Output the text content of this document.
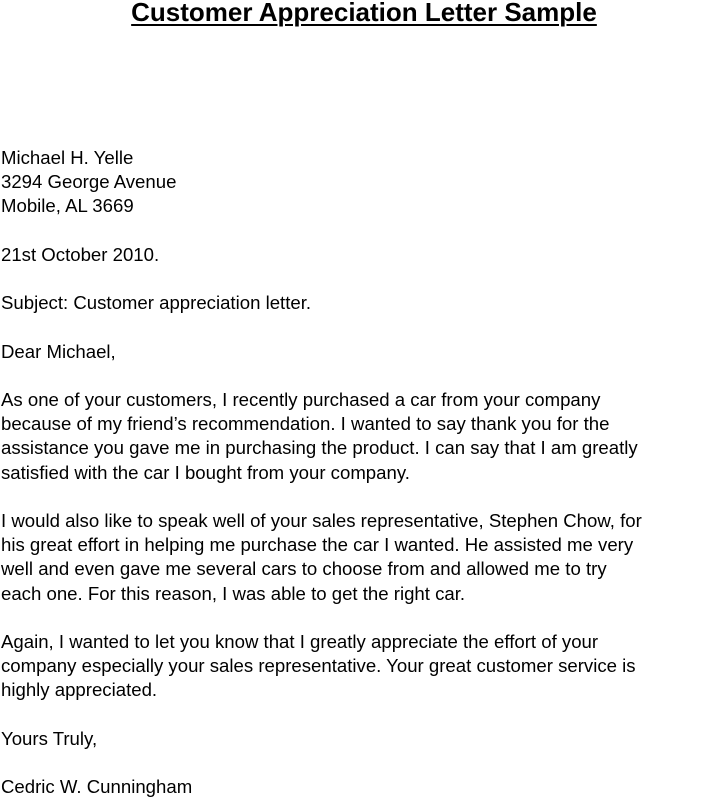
Customer Appreciation Letter Sample
Michael H. Yelle
3294 George Avenue
Mobile, AL 3669
21st October 2010.
Subject: Customer appreciation letter.
Dear Michael,
As one of your customers, I recently purchased a car from your company
because of my friend’s recommendation. I wanted to say thank you for the
assistance you gave me in purchasing the product. I can say that I am greatly
satisfied with the car I bought from your company.
I would also like to speak well of your sales representative, Stephen Chow, for
his great effort in helping me purchase the car I wanted. He assisted me very
well and even gave me several cars to choose from and allowed me to try
each one. For this reason, I was able to get the right car.
Again, I wanted to let you know that I greatly appreciate the effort of your
company especially your sales representative. Your great customer service is
highly appreciated.
Yours Truly,
Cedric W. Cunningham
